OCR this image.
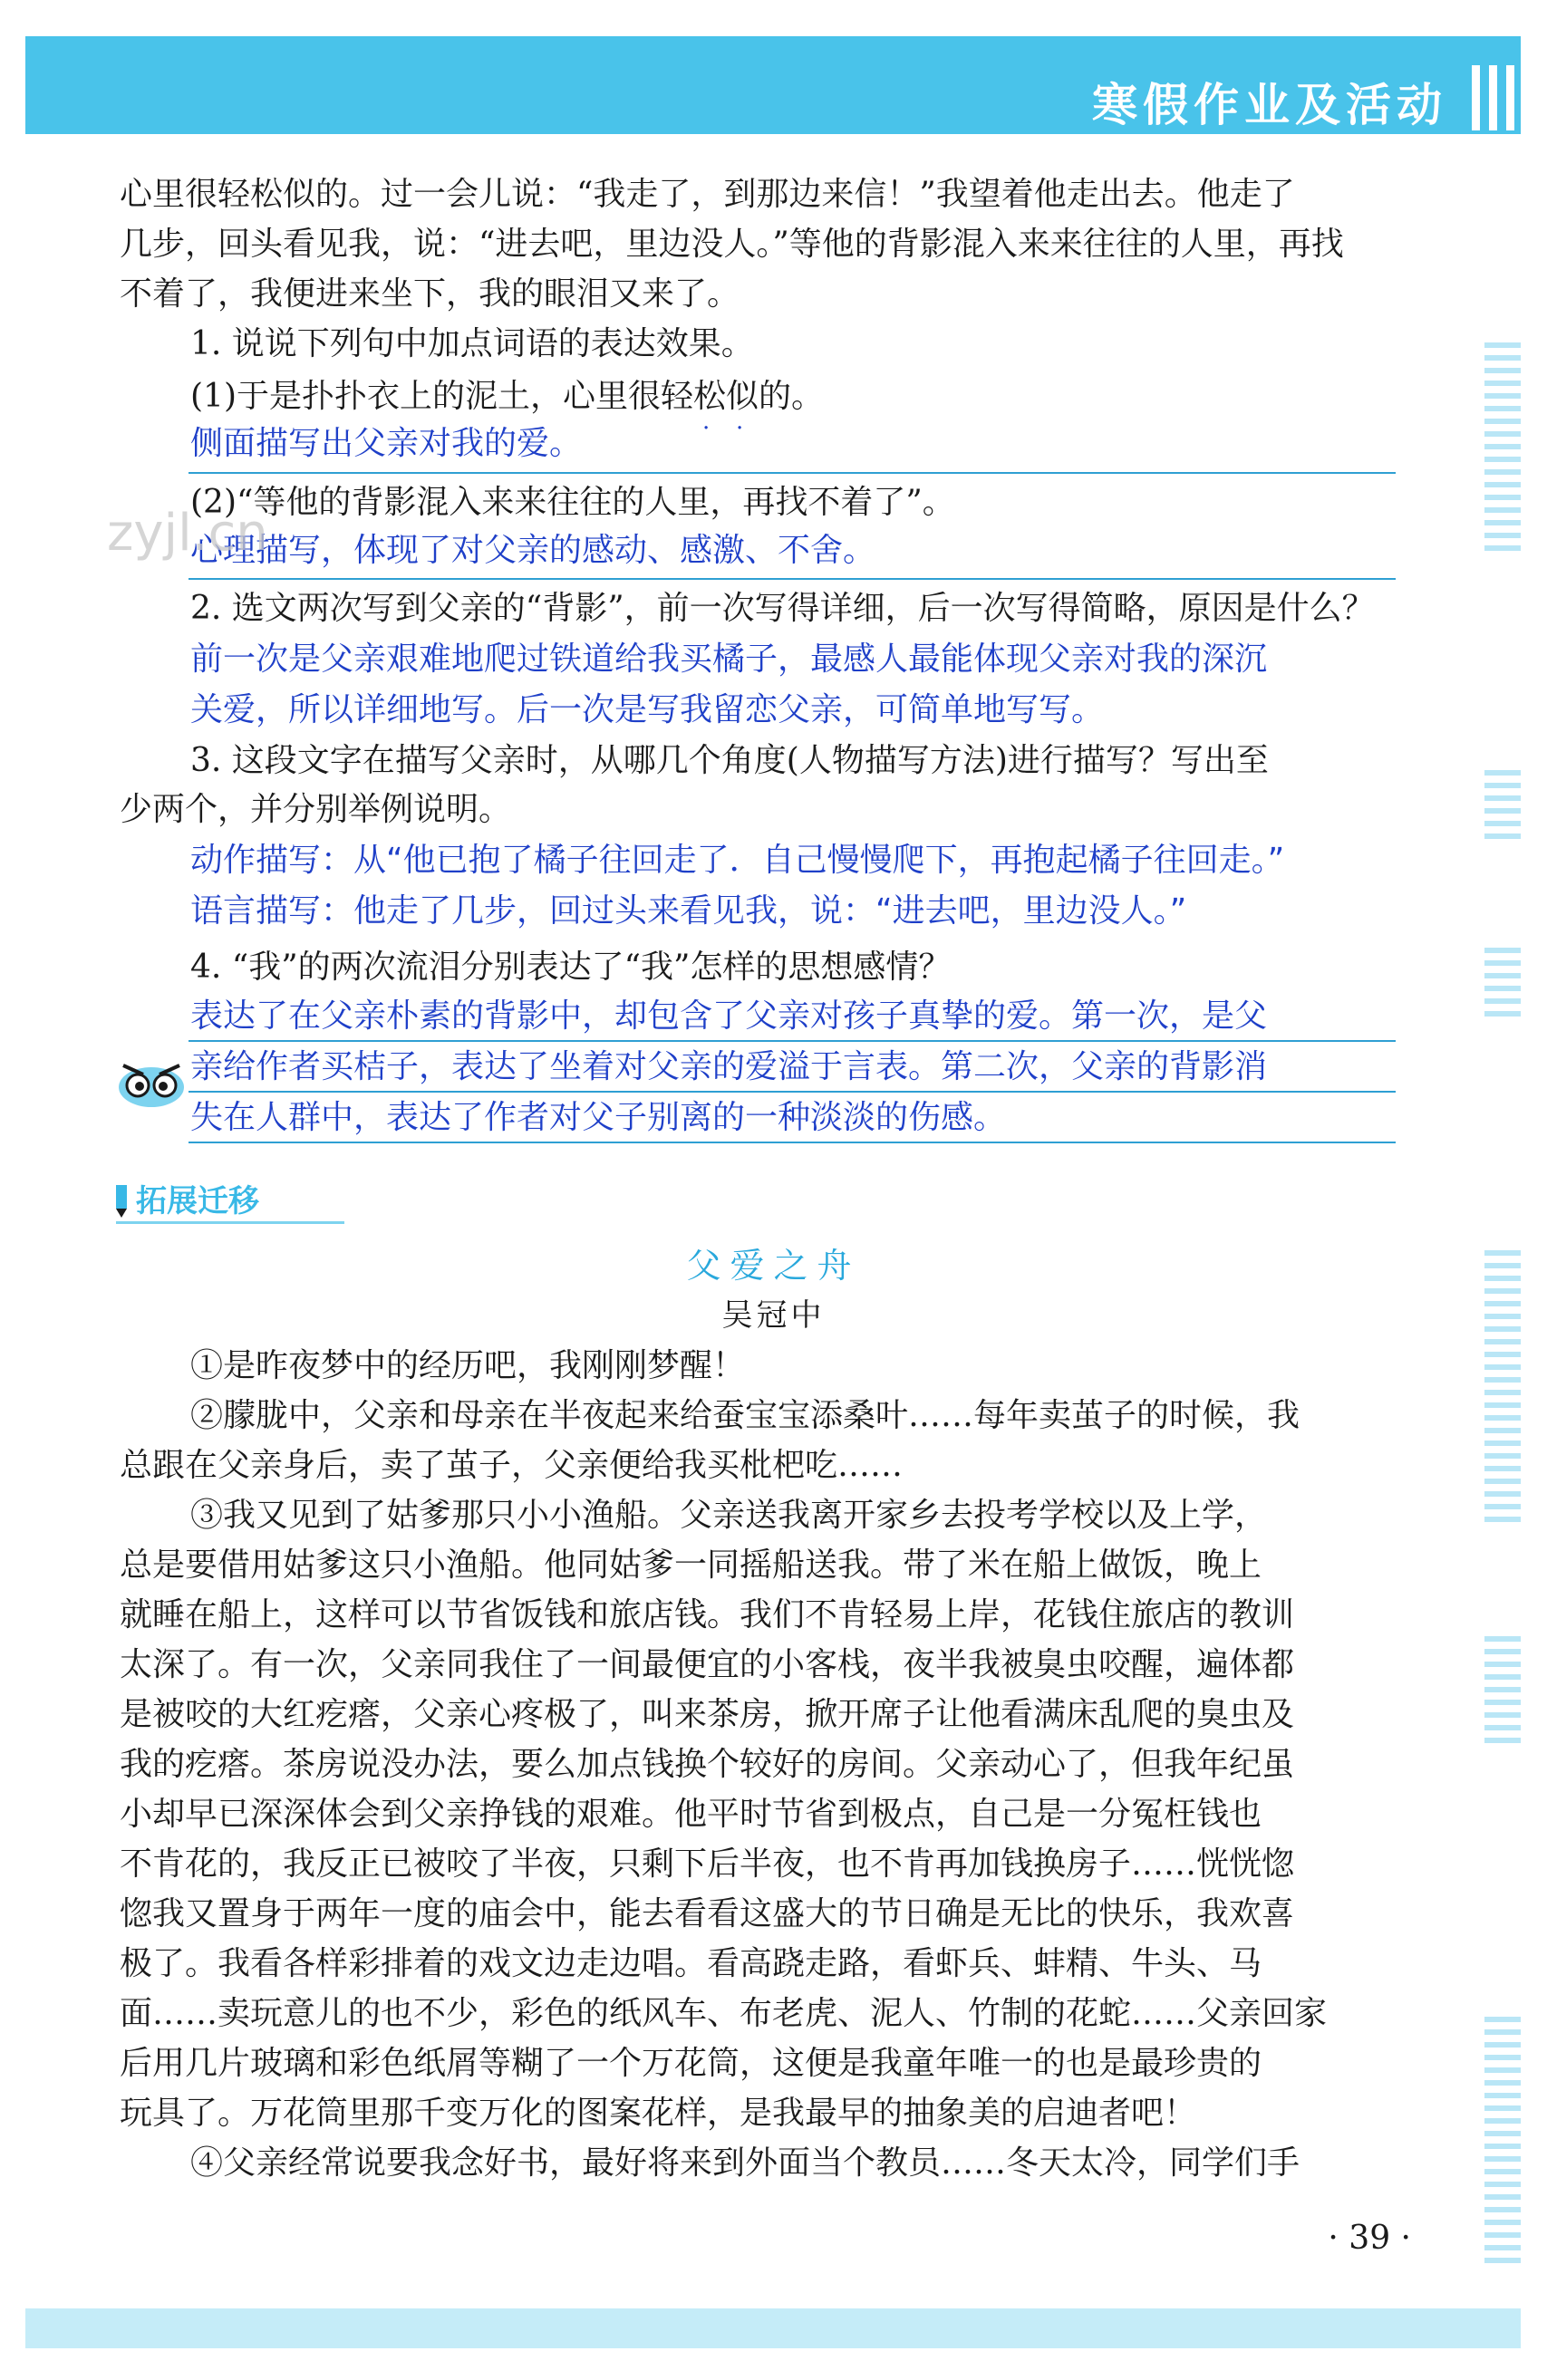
寒假作业及活动
心里很轻松似的。过一会儿说：“我走了，到那边来信！”我望着他走出去。他走了
几步，回头看见我，说：“进去吧，里边没人。”等他的背影混入来来往往的人里，再找
不着了，我便进来坐下，我的眼泪又来了。
1. 说说下列句中加点词语的表达效果。
(1)于是扑扑衣上的泥土，心里很轻松似的。
· ·
侧面描写出父亲对我的爱。
(2)“等他的背影混入来来往往的人里，再找不着了”。
心理描写，体现了对父亲的感动、感激、不舍。
zyjl.cn
2. 选文两次写到父亲的“背影”，前一次写得详细，后一次写得简略，原因是什么？
前一次是父亲艰难地爬过铁道给我买橘子，最感人最能体现父亲对我的深沉
关爱，所以详细地写。后一次是写我留恋父亲，可简单地写写。
3. 这段文字在描写父亲时，从哪几个角度(人物描写方法)进行描写？写出至
少两个，并分别举例说明。
动作描写：从“他已抱了橘子往回走了．自己慢慢爬下，再抱起橘子往回走。”
语言描写：他走了几步，回过头来看见我，说：“进去吧，里边没人。”
4. “我”的两次流泪分别表达了“我”怎样的思想感情？
表达了在父亲朴素的背影中，却包含了父亲对孩子真挚的爱。第一次，是父
亲给作者买桔子，表达了坐着对父亲的爱溢于言表。第二次，父亲的背影消
失在人群中，表达了作者对父子别离的一种淡淡的伤感。
拓展迁移
父爱之舟
吴冠中
①是昨夜梦中的经历吧，我刚刚梦醒！
②朦胧中，父亲和母亲在半夜起来给蚕宝宝添桑叶……每年卖茧子的时候，我
总跟在父亲身后，卖了茧子，父亲便给我买枇杷吃……
③我又见到了姑爹那只小小渔船。父亲送我离开家乡去投考学校以及上学，
总是要借用姑爹这只小渔船。他同姑爹一同摇船送我。带了米在船上做饭，晚上
就睡在船上，这样可以节省饭钱和旅店钱。我们不肯轻易上岸，花钱住旅店的教训
太深了。有一次，父亲同我住了一间最便宜的小客栈，夜半我被臭虫咬醒，遍体都
是被咬的大红疙瘩，父亲心疼极了，叫来茶房，掀开席子让他看满床乱爬的臭虫及
我的疙瘩。茶房说没办法，要么加点钱换个较好的房间。父亲动心了，但我年纪虽
小却早已深深体会到父亲挣钱的艰难。他平时节省到极点，自己是一分冤枉钱也
不肯花的，我反正已被咬了半夜，只剩下后半夜，也不肯再加钱换房子……恍恍惚
惚我又置身于两年一度的庙会中，能去看看这盛大的节日确是无比的快乐，我欢喜
极了。我看各样彩排着的戏文边走边唱。看高跷走路，看虾兵、蚌精、牛头、马
面……卖玩意儿的也不少，彩色的纸风车、布老虎、泥人、竹制的花蛇……父亲回家
后用几片玻璃和彩色纸屑等糊了一个万花筒，这便是我童年唯一的也是最珍贵的
玩具了。万花筒里那千变万化的图案花样，是我最早的抽象美的启迪者吧！
④父亲经常说要我念好书，最好将来到外面当个教员……冬天太冷，同学们手
· 39 ·
